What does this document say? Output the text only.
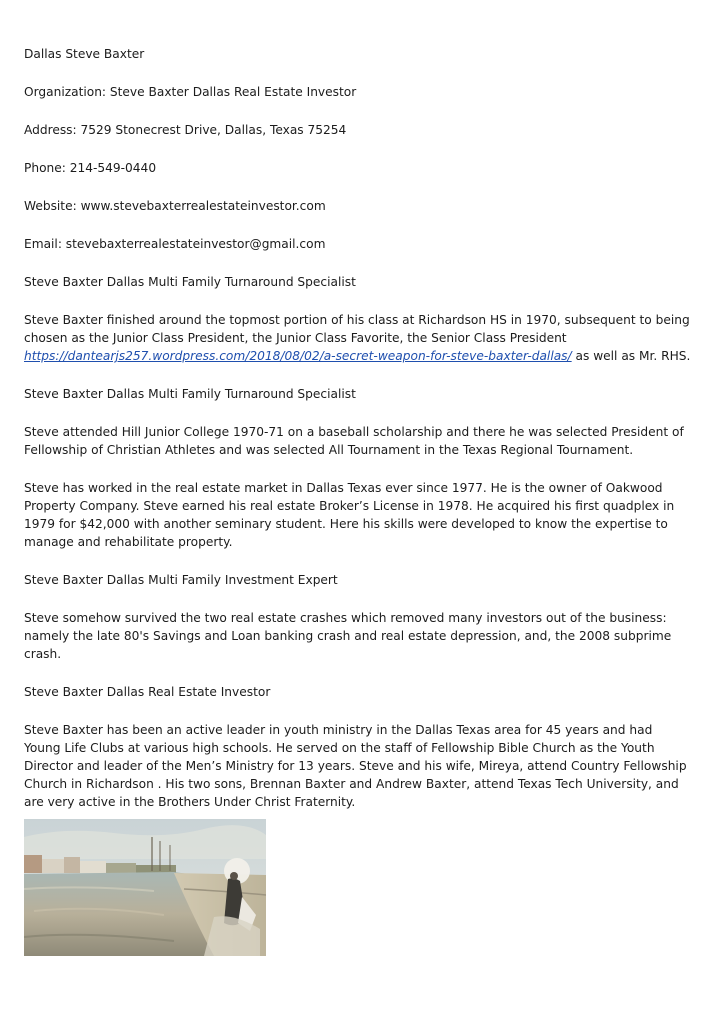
Dallas Steve Baxter
Organization: Steve Baxter Dallas Real Estate Investor
Address: 7529 Stonecrest Drive, Dallas, Texas 75254
Phone: 214-549-0440
Website: www.stevebaxterrealestateinvestor.com
Email: stevebaxterrealestateinvestor@gmail.com
Steve Baxter Dallas Multi Family Turnaround Specialist
Steve Baxter finished around the topmost portion of his class at Richardson HS in 1970, subsequent to being chosen as the Junior Class President, the Junior Class Favorite, the Senior Class President https://dantearjs257.wordpress.com/2018/08/02/a-secret-weapon-for-steve-baxter-dallas/ as well as Mr. RHS.
Steve Baxter Dallas Multi Family Turnaround Specialist
Steve attended Hill Junior College 1970-71 on a baseball scholarship and there he was selected President of Fellowship of Christian Athletes and was selected All Tournament in the Texas Regional Tournament.
Steve has worked in the real estate market in Dallas Texas ever since 1977. He is the owner of Oakwood Property Company. Steve earned his real estate Broker’s License in 1978. He acquired his first quadplex in 1979 for $42,000 with another seminary student. Here his skills were developed to know the expertise to manage and rehabilitate property.
Steve Baxter Dallas Multi Family Investment Expert
Steve somehow survived the two real estate crashes which removed many investors out of the business: namely the late 80's Savings and Loan banking crash and real estate depression, and, the 2008 subprime crash.
Steve Baxter Dallas Real Estate Investor
Steve Baxter has been an active leader in youth ministry in the Dallas Texas area for 45 years and had Young Life Clubs at various high schools. He served on the staff of Fellowship Bible Church as the Youth Director and leader of the Men’s Ministry for 13 years. Steve and his wife, Mireya, attend Country Fellowship Church in Richardson . His two sons, Brennan Baxter and Andrew Baxter, attend Texas Tech University, and are very active in the Brothers Under Christ Fraternity.
